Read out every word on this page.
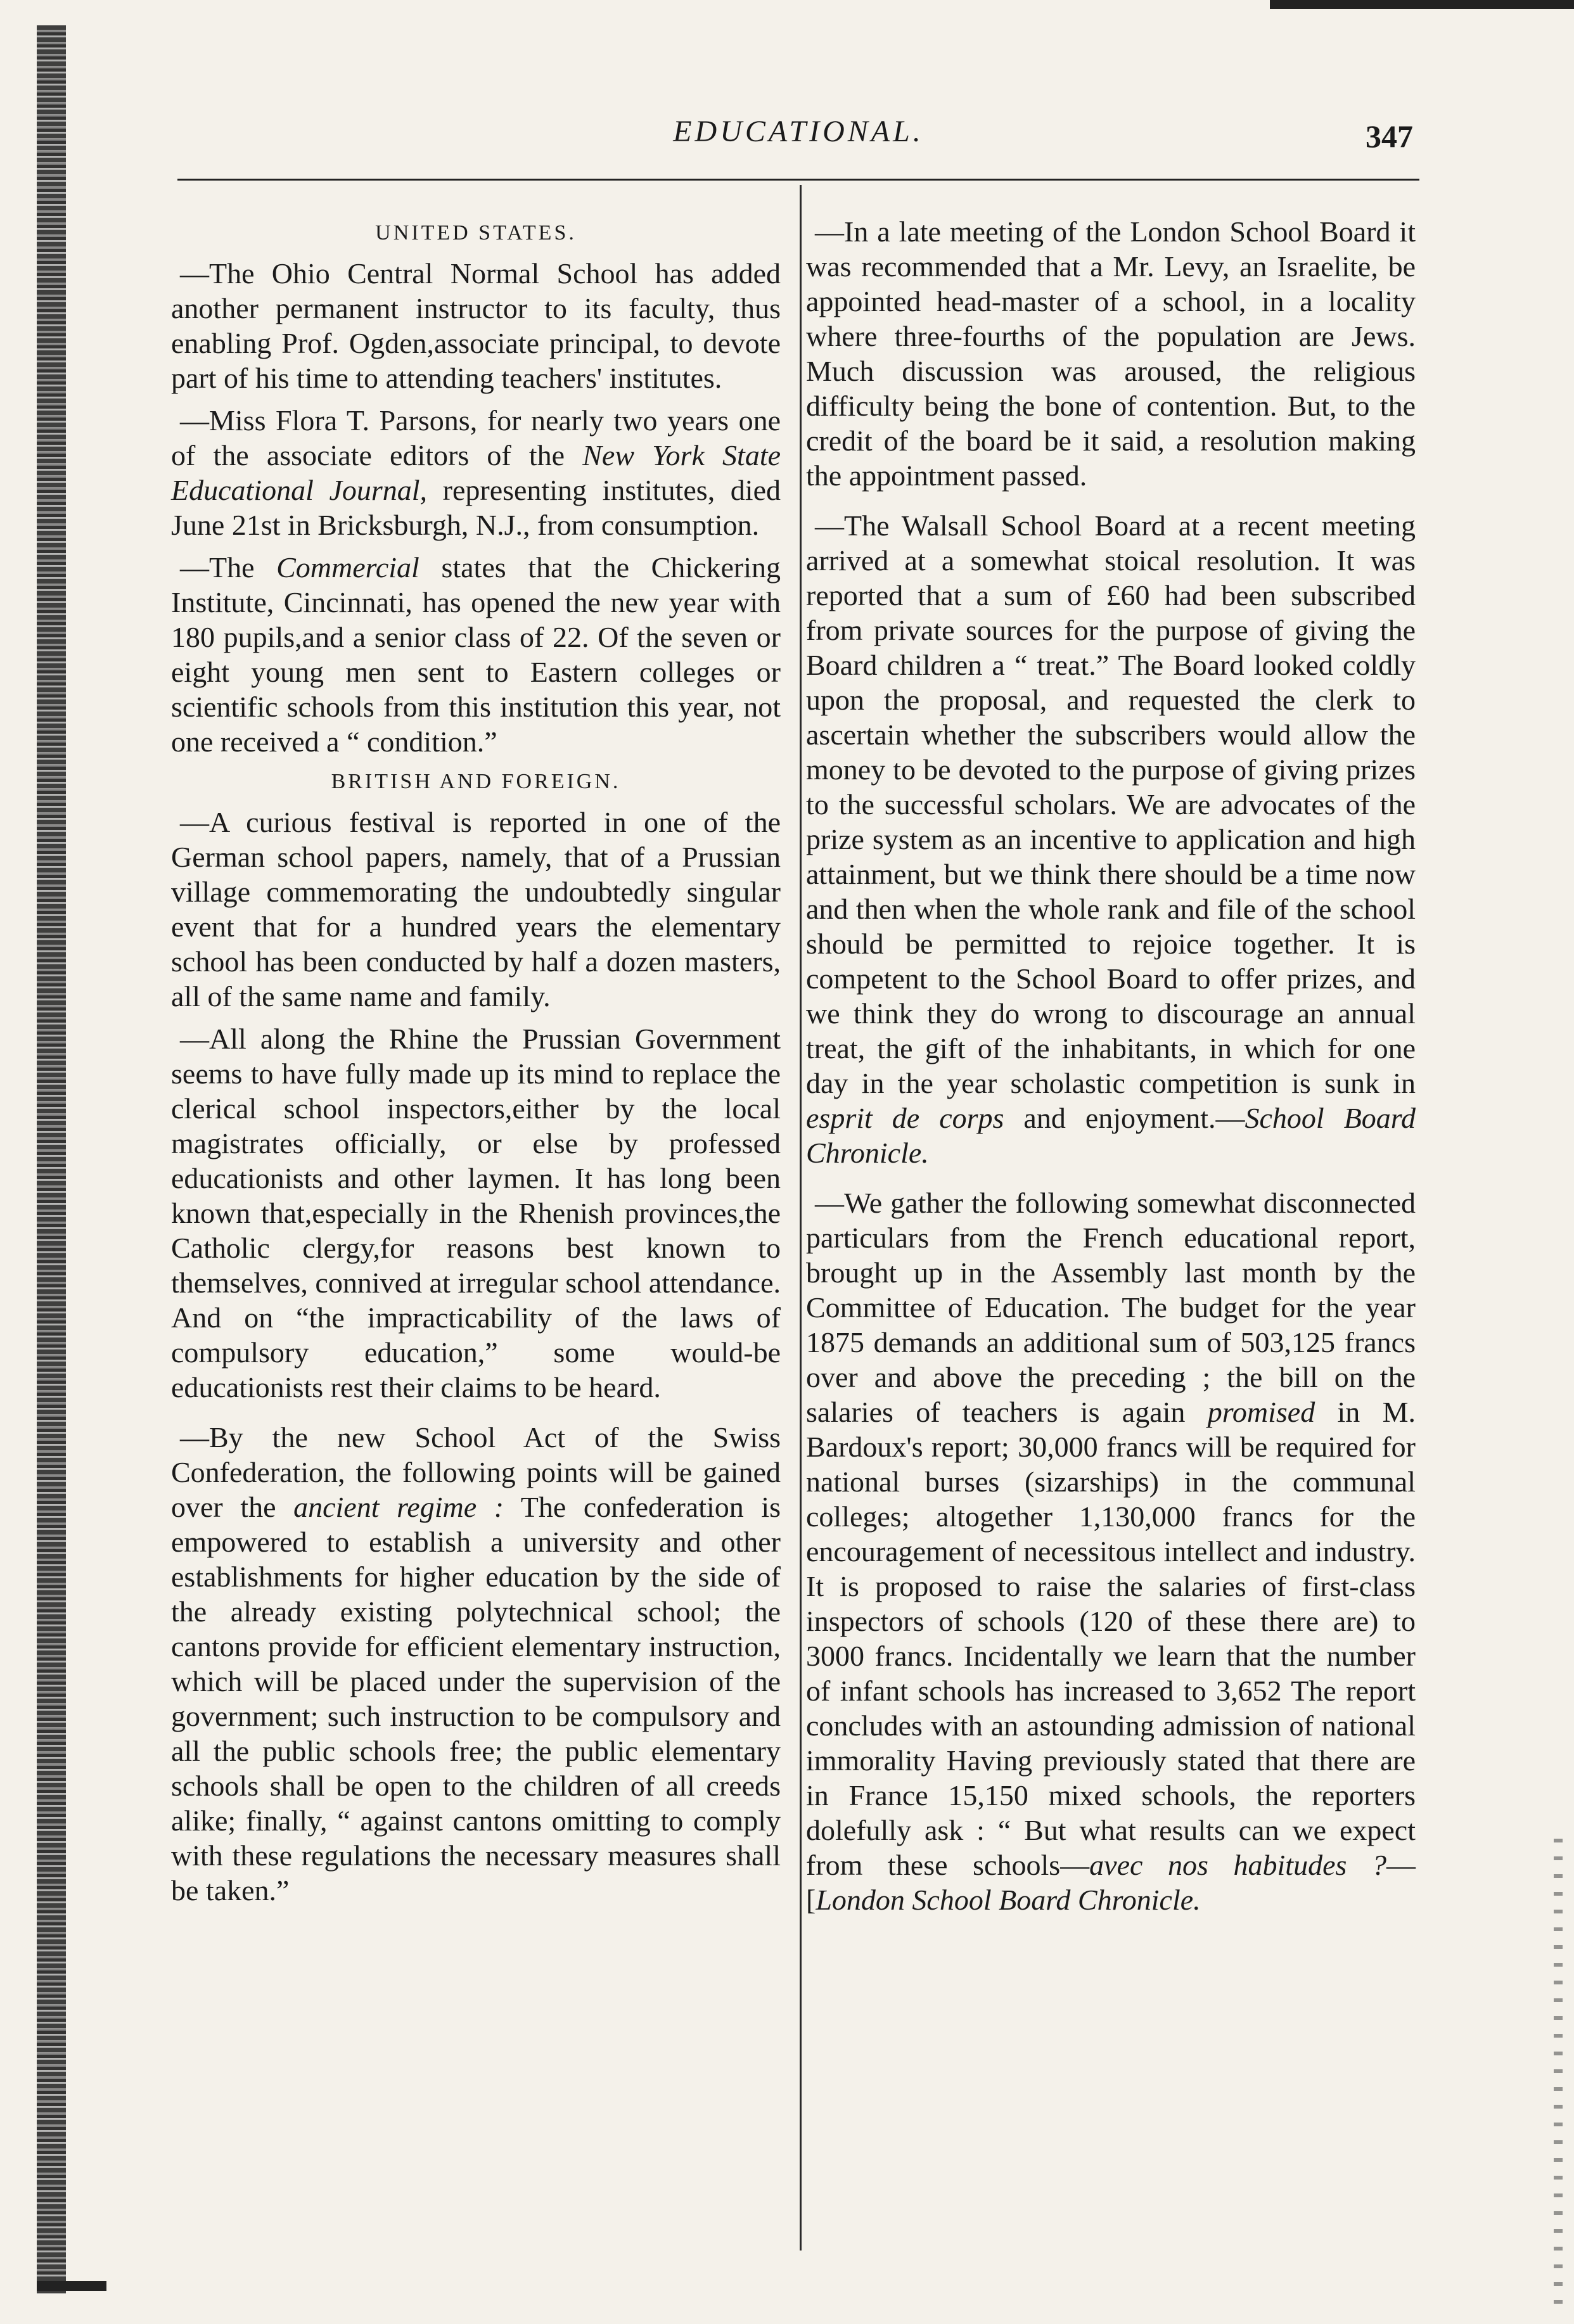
EDUCATIONAL.	347
UNITED STATES.

—The Ohio Central Normal School has added another permanent instructor to its faculty, thus enabling Prof. Ogden,associate principal, to devote part of his time to attending teachers' institutes.

—Miss Flora T. Parsons, for nearly two years one of the associate editors of the New York State Educational Journal, representing institutes, died June 21st in Bricksburgh, N.J., from consumption.

—The Commercial states that the Chickering Institute, Cincinnati, has opened the new year with 180 pupils,and a senior class of 22. Of the seven or eight young men sent to Eastern colleges or scientific schools from this institution this year, not one received a “ condition.”

BRITISH AND FOREIGN.

—A curious festival is reported in one of the German school papers, namely, that of a Prussian village commemorating the undoubtedly singular event that for a hundred years the elementary school has been conducted by half a dozen masters, all of the same name and family.

—All along the Rhine the Prussian Government seems to have fully made up its mind to replace the clerical school inspectors,either by the local magistrates officially, or else by professed educationists and other laymen. It has long been known that,especially in the Rhenish provinces,the Catholic clergy,for reasons best known to themselves, connived at irregular school attendance. And on “the impracticability of the laws of compulsory education,” some would-be educationists rest their claims to be heard.

—By the new School Act of the Swiss Confederation, the following points will be gained over the ancient regime : The confederation is empowered to establish a university and other establishments for higher education by the side of the already existing polytechnical school; the cantons provide for efficient elementary instruction, which will be placed under the supervision of the government; such instruction to be compulsory and all the public schools free; the public elementary schools shall be open to the children of all creeds alike; finally, “ against cantons omitting to comply with these regulations the necessary measures shall be taken.”

—In a late meeting of the London School Board it was recommended that a Mr. Levy, an Israelite, be appointed head-master of a school, in a locality where three-fourths of the population are Jews. Much discussion was aroused, the religious difficulty being the bone of contention. But, to the credit of the board be it said, a resolution making the appointment passed.

—The Walsall School Board at a recent meeting arrived at a somewhat stoical resolution. It was reported that a sum of £60 had been subscribed from private sources for the purpose of giving the Board children a “ treat.” The Board looked coldly upon the proposal, and requested the clerk to ascertain whether the subscribers would allow the money to be devoted to the purpose of giving prizes to the successful scholars. We are advocates of the prize system as an incentive to application and high attainment, but we think there should be a time now and then when the whole rank and file of the school should be permitted to rejoice together. It is competent to the School Board to offer prizes, and we think they do wrong to discourage an annual treat, the gift of the inhabitants, in which for one day in the year scholastic competition is sunk in esprit de corps and enjoyment.—School Board Chronicle.

—We gather the following somewhat disconnected particulars from the French educational report, brought up in the Assembly last month by the Committee of Education. The budget for the year 1875 demands an additional sum of 503,125 francs over and above the preceding ; the bill on the salaries of teachers is again promised in M. Bardoux's report; 30,000 francs will be required for national burses (sizarships) in the communal colleges; altogether 1,130,000 francs for the encouragement of necessitous intellect and industry. It is proposed to raise the salaries of first-class inspectors of schools (120 of these there are) to 3000 francs. Incidentally we learn that the number of infant schools has increased to 3,652 The report concludes with an astounding admission of national immorality Having previously stated that there are in France 15,150 mixed schools, the reporters dolefully ask : “ But what results can we expect from these schools—avec nos habitudes ?—[London School Board Chronicle.
